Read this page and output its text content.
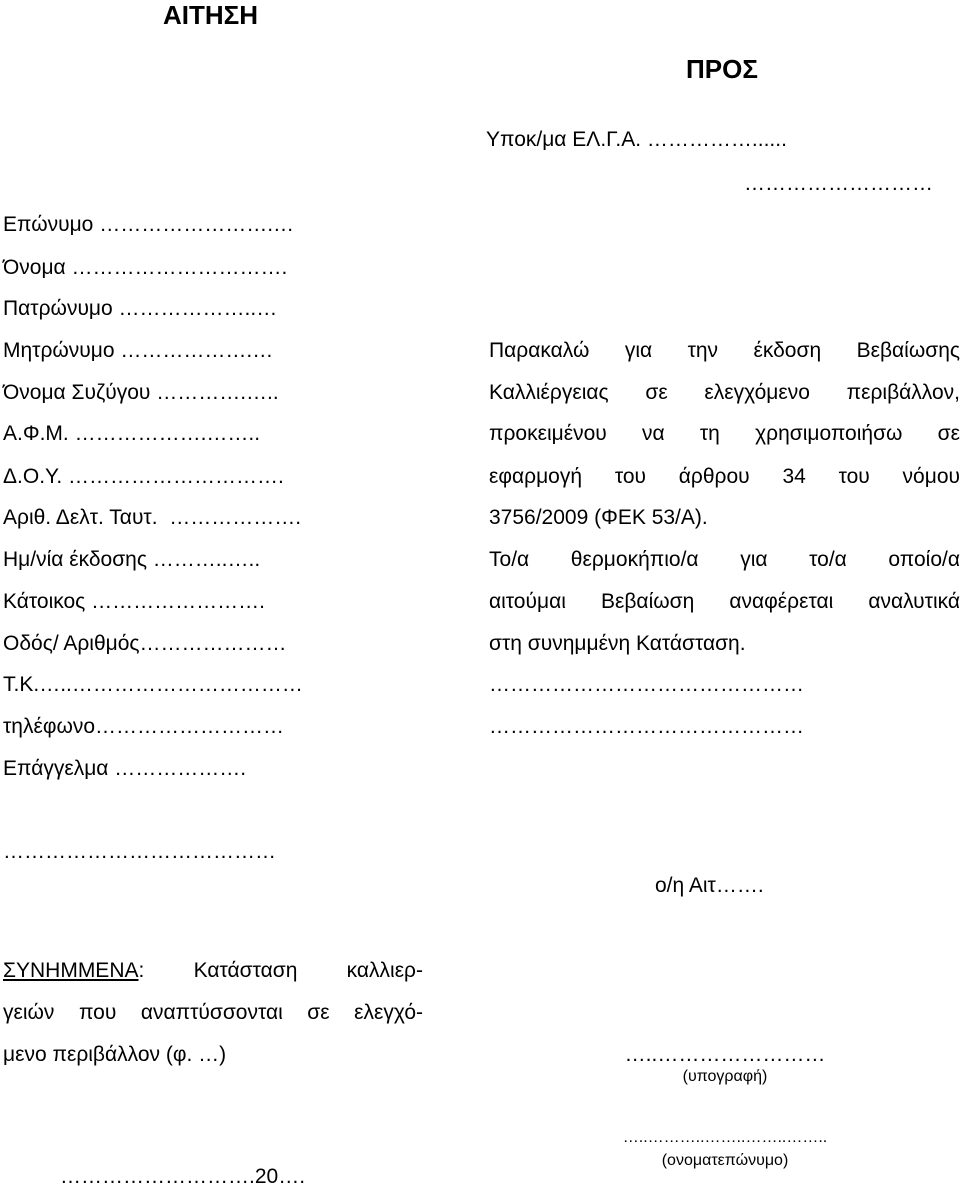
ΑΙΤΗΣΗ
ΠΡΟΣ
Υποκ/μα ΕΛ.Γ.Α. ……………......
………………………
Επώνυμο …………………….…
Όνομα ………………………….
Πατρώνυμο ………………..…
Μητρώνυμο ……………….…
Όνομα Συζύγου ………….…..
Α.Φ.Μ. ……………….……..
Δ.Ο.Υ. ………………………….
Αριθ. Δελτ. Ταυτ.  ……………….
Ημ/νία έκδοσης ………..…..
Κάτοικος …………………….
Οδός/ Αριθμός…………………
Τ.Κ.…..……………………………
τηλέφωνο………………………
Επάγγελμα ……………….
Παρακαλώ για την έκδοση Βεβαίωσης
Καλλιέργειας σε ελεγχόμενο περιβάλλον,
προκειμένου να τη χρησιμοποιήσω σε
εφαρμογή του άρθρου 34 του νόμου
3756/2009 (ΦΕΚ 53/Α).
Το/α θερμοκήπιο/α για το/α οποίο/α
αιτούμαι Βεβαίωση αναφέρεται αναλυτικά
στη συνημμένη Κατάσταση.
………………………………………
………………………………………
…………………………………
ο/η Αιτ…….
ΣΥΝΗΜΜΕΝΑ: Κατάσταση καλλιερ-
γειών που αναπτύσσονται σε ελεγχό-
μενο περιβάλλον (φ. …)	…..……………………
(υπογραφή)
…..………..……..……..……..
(ονοματεπώνυμο)
……………………….20….
